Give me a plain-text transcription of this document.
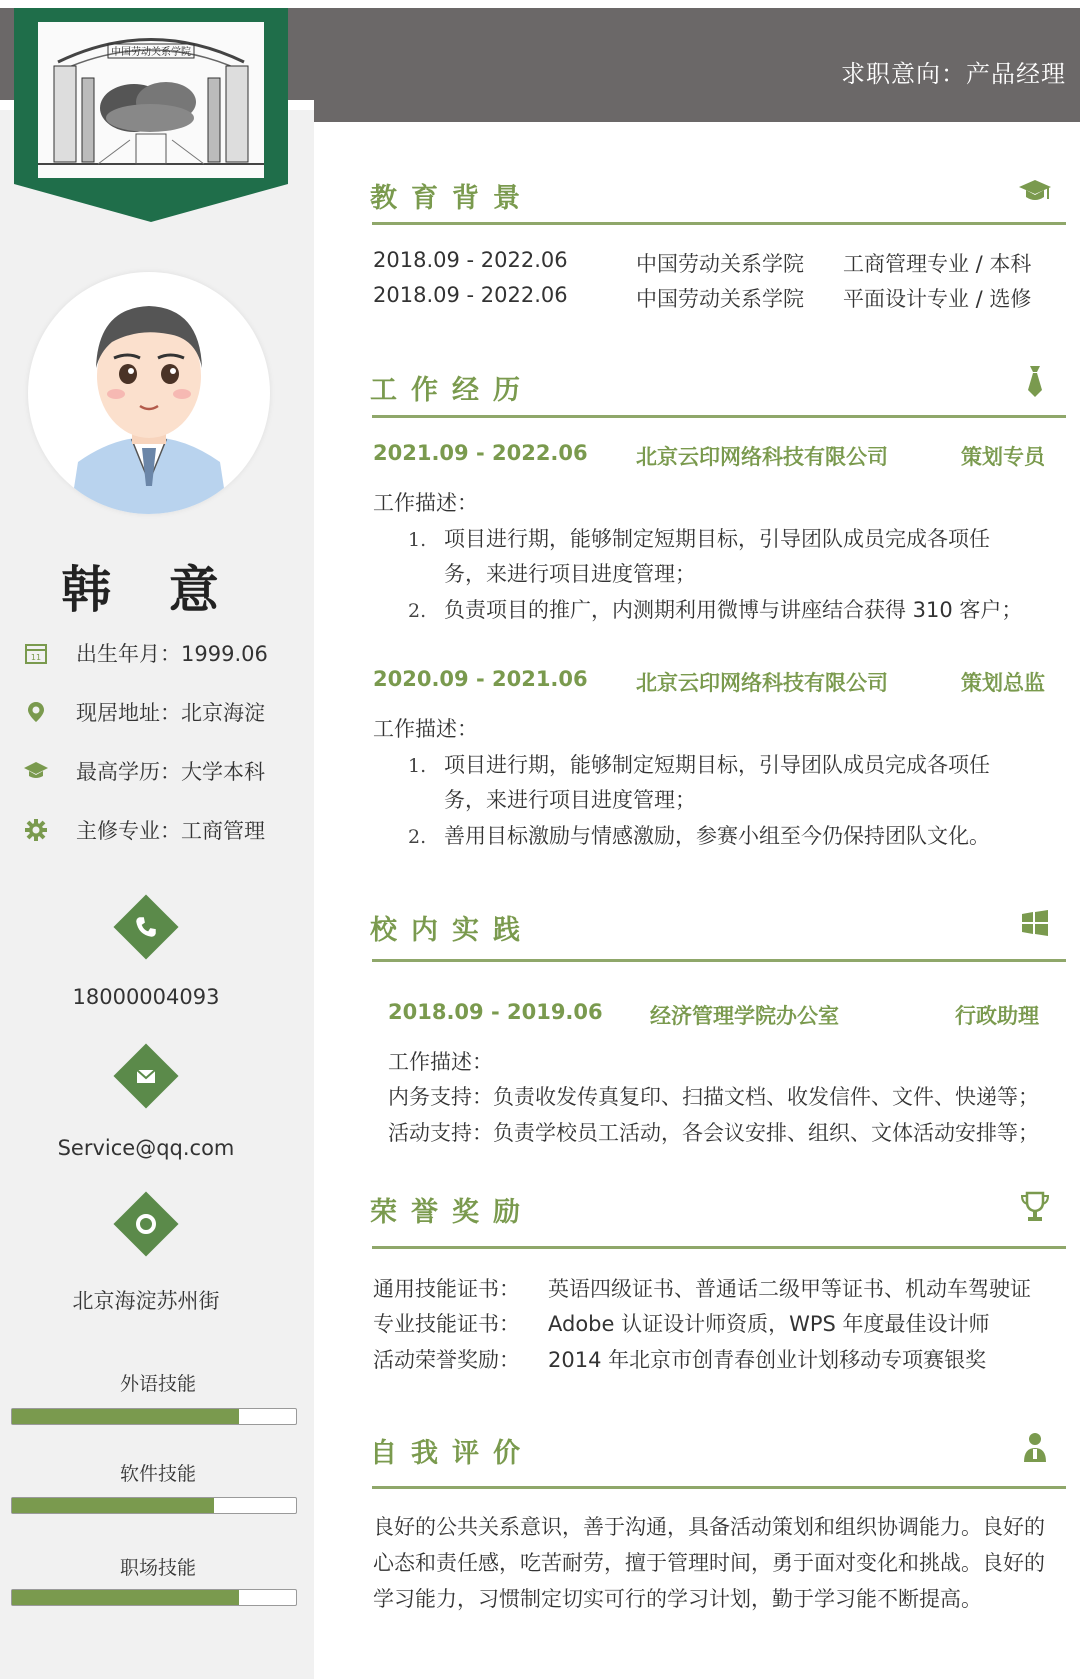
求职意向：产品经理
中国劳动关系学院
韩 意
11 出生年月：1999.06
现居地址：北京海淀
最高学历：大学本科
主修专业：工商管理
18000004093
Service@qq.com
北京海淀苏州街
外语技能
软件技能
职场技能
教育背景
2018.09 - 2022.06	中国劳动关系学院 工商管理专业 / 本科
2018.09 - 2022.06	中国劳动关系学院 平面设计专业 / 选修
工作经历
2021.09 - 2022.06 北京云印网络科技有限公司	策划专员
工作描述：
1. 项目进行期，能够制定短期目标，引导团队成员完成各项任
务，来进行项目进度管理；
2. 负责项目的推广，内测期利用微博与讲座结合获得 310 客户；
2020.09 - 2021.06 北京云印网络科技有限公司	策划总监
工作描述：
1. 项目进行期，能够制定短期目标，引导团队成员完成各项任
务，来进行项目进度管理；
2. 善用目标激励与情感激励，参赛小组至今仍保持团队文化。
校内实践
2018.09 - 2019.06 经济管理学院办公室	行政助理
工作描述：
内务支持：负责收发传真复印、扫描文档、收发信件、文件、快递等；
活动支持：负责学校员工活动，各会议安排、组织、文体活动安排等；
荣誉奖励
通用技能证书： 英语四级证书、普通话二级甲等证书、机动车驾驶证
专业技能证书： Adobe 认证设计师资质，WPS 年度最佳设计师
活动荣誉奖励： 2014 年北京市创青春创业计划移动专项赛银奖
自我评价
良好的公共关系意识，善于沟通，具备活动策划和组织协调能力。良好的
心态和责任感，吃苦耐劳，擅于管理时间，勇于面对变化和挑战。良好的
学习能力，习惯制定切实可行的学习计划，勤于学习能不断提高。
